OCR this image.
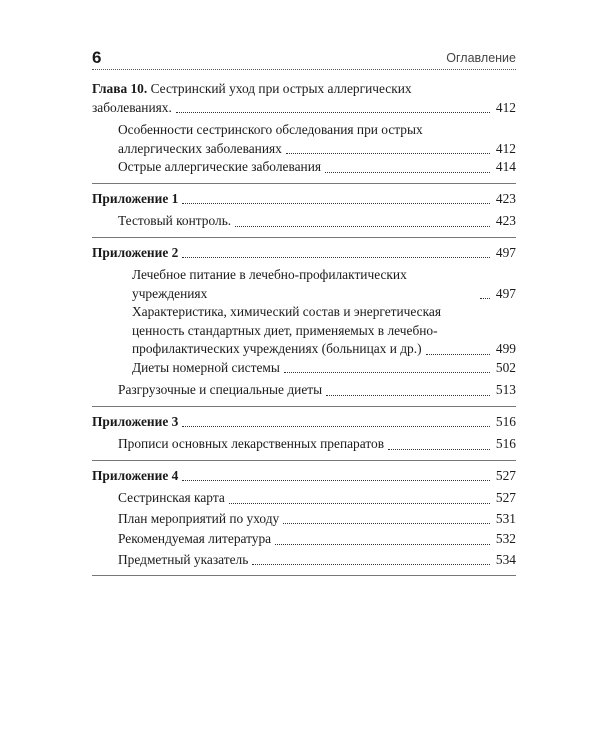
6	Оглавление
Глава 10. Сестринский уход при острых аллергических
заболеваниях.	412
Особенности сестринского обследования при острых
аллергических заболеваниях	412
Острые аллергические заболевания	414
Приложение 1	423
Тестовый контроль.	423
Приложение 2	497
Лечебное питание в лечебно-профилактических учреждениях	497
Характеристика, химический состав и энергетическая
ценность стандартных диет, применяемых в лечебно-
профилактических учреждениях (больницах и др.)	499
Диеты номерной системы	502
Разгрузочные и специальные диеты	513
Приложение 3	516
Прописи основных лекарственных препаратов	516
Приложение 4	527
Сестринская карта	527
План мероприятий по уходу	531
Рекомендуемая литература	532
Предметный указатель	534
